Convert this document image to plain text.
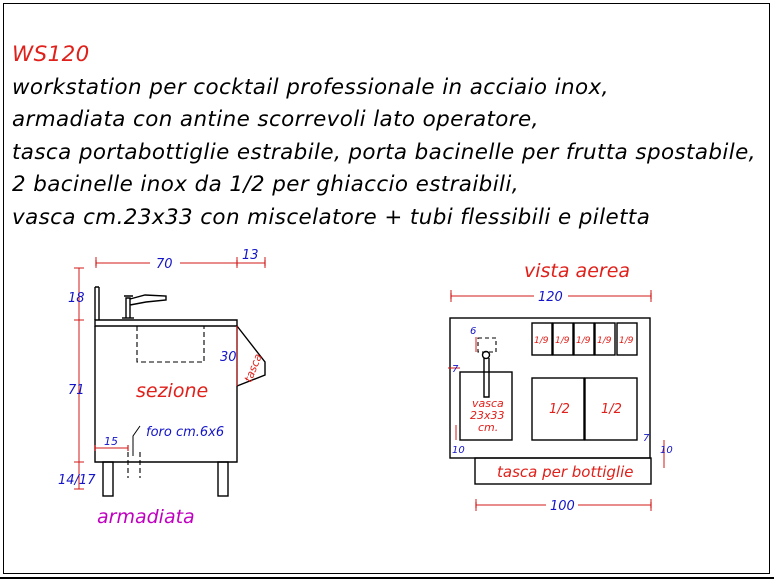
WS120
workstation per cocktail professionale in acciaio inox,
armadiata con antine scorrevoli lato operatore,
tasca portabottiglie estrabile, porta bacinelle per frutta spostabile,
2 bacinelle inox da 1/2 per ghiaccio estraibili,
vasca cm.23x33 con miscelatore + tubi flessibili e piletta
70
13
18
71
14/17
30 tasca
sezione
15
foro cm.6x6
armadiata
vista aerea
120
100
6
7
10
7
10
vasca
23x33
cm.
1/9 1/9 1/9 1/9 1/9
1/2 1/2
tasca per bottiglie
